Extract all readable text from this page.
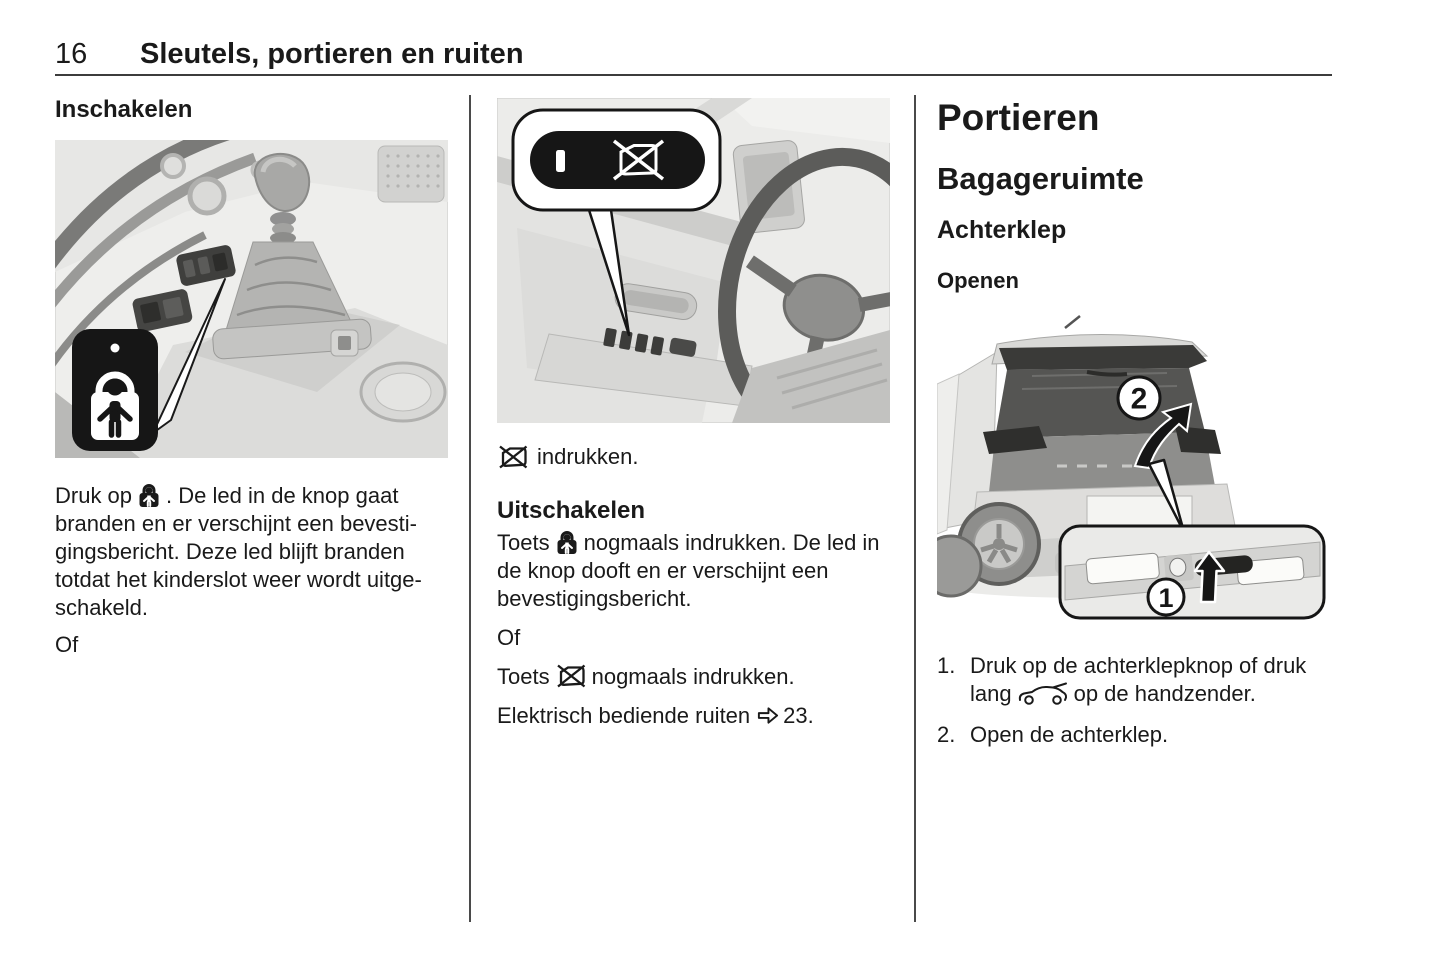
16 Sleutels, portieren en ruiten
Inschakelen

Druk op . De led in de knop gaat branden en er verschijnt een bevestigingsbericht. Deze led blijft branden totdat het kinderslot weer wordt uitgeschakeld.

Of

indrukken.

Uitschakelen

Toets nogmaals indrukken. De led in de knop dooft en er verschijnt een bevestigingsbericht.

Of

Toets nogmaals indrukken.

Elektrisch bediende ruiten 23.

Portieren
Bagageruimte
Achterklep
Openen
2
1
1. Druk op de achterklepknop of druk lang	op de handzender.
2. Open de achterklep.
